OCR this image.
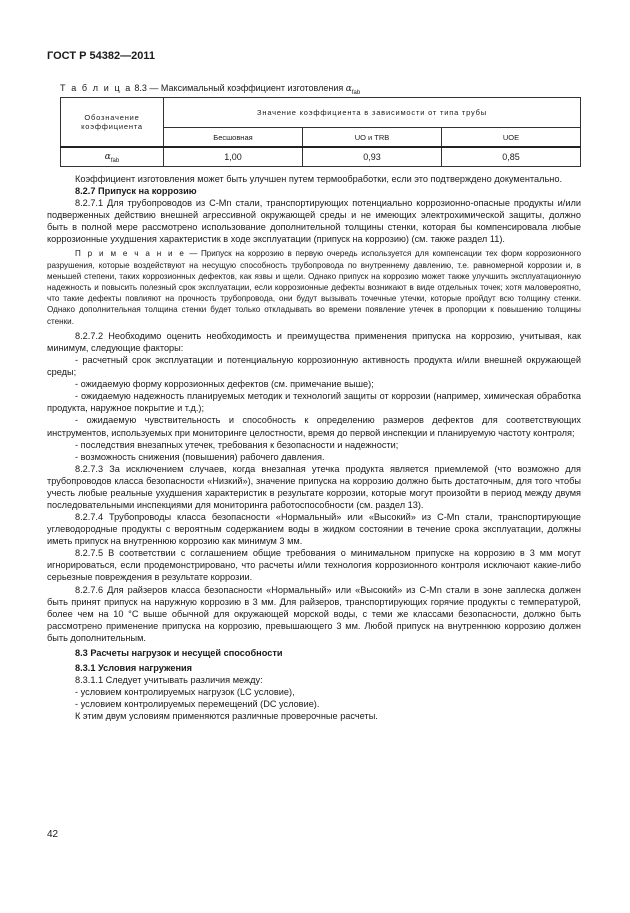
ГОСТ Р 54382—2011
Т а б л и ц а 8.3 — Максимальный коэффициент изготовления $\alpha_{fab}$
Обозначение коэффициента	Значение коэффициента в зависимости от типа трубы		
	Бесшовная	UO и TRB	UOE
$\alpha_{fab}$	1,00	0,93	0,85

Коэффициент изготовления может быть улучшен путем термообработки, если это подтверждено документально.

8.2.7 Припуск на коррозию

8.2.7.1 Для трубопроводов из C-Mn стали, транспортирующих потенциально коррозионно-опасные продукты и/или подверженных действию внешней агрессивной окружающей среды и не имеющих электрохимической защиты, должно быть в полной мере рассмотрено использование дополнительной толщины стенки, которая бы компенсировала любые коррозионные ухудшения характеристик в ходе эксплуатации (припуск на коррозию) (см. также раздел 11).

П р и м е ч а н и е — Припуск на коррозию в первую очередь используется для компенсации тех форм коррозионного разрушения, которые воздействуют на несущую способность трубопровода по внутреннему давлению, т.е. равномерной коррозии и, в меньшей степени, таких коррозионных дефектов, как язвы и щели. Однако припуск на коррозию может также улучшить эксплуатационную надежность и повысить полезный срок эксплуатации, если коррозионные дефекты возникают в виде отдельных точек; хотя маловероятно, что такие дефекты повлияют на прочность трубопровода, они будут вызывать точечные утечки, которые пройдут всю толщину стенки. Однако дополнительная толщина стенки будет только откладывать во времени появление утечек в пропорции к повышению толщины стенки.

8.2.7.2 Необходимо оценить необходимость и преимущества применения припуска на коррозию, учитывая, как минимум, следующие факторы:

- расчетный срок эксплуатации и потенциальную коррозионную активность продукта и/или внешней окружающей среды;

- ожидаемую форму коррозионных дефектов (см. примечание выше);

- ожидаемую надежность планируемых методик и технологий защиты от коррозии (например, химическая обработка продукта, наружное покрытие и т.д.);

- ожидаемую чувствительность и способность к определению размеров дефектов для соответствующих инструментов, используемых при мониторинге целостности, время до первой инспекции и планируемую частоту контроля;

- последствия внезапных утечек, требования к безопасности и надежности;

- возможность снижения (повышения) рабочего давления.

8.2.7.3 За исключением случаев, когда внезапная утечка продукта является приемлемой (что возможно для трубопроводов класса безопасности «Низкий»), значение припуска на коррозию должно быть достаточным, для того чтобы учесть любые реальные ухудшения характеристик в результате коррозии, которые могут произойти в период между двумя последовательными инспекциями для мониторинга работоспособности (см. раздел 13).

8.2.7.4 Трубопроводы класса безопасности «Нормальный» или «Высокий» из C-Mn стали, транспортирующие углеводородные продукты с вероятным содержанием воды в жидком состоянии в течение срока эксплуатации, должны иметь припуск на внутреннюю коррозию как минимум 3 мм.

8.2.7.5 В соответствии с соглашением общие требования о минимальном припуске на коррозию в 3 мм могут игнорироваться, если продемонстрировано, что расчеты и/или технология коррозионного контроля исключают какие-либо серьезные повреждения в результате коррозии.

8.2.7.6 Для райзеров класса безопасности «Нормальный» или «Высокий» из C-Mn стали в зоне заплеска должен быть принят припуск на наружную коррозию в 3 мм. Для райзеров, транспортирующих горячие продукты с температурой, более чем на 10 °С выше обычной для окружающей морской воды, с теми же классами безопасности, должно быть рассмотрено применение припуска на коррозию, превышающего 3 мм. Любой припуск на внутреннюю коррозию должен быть дополнительным.

8.3 Расчеты нагрузок и несущей способности

8.3.1 Условия нагружения

8.3.1.1 Следует учитывать различия между:

- условием контролируемых нагрузок (LC условие),

- условием контролируемых перемещений (DC условие).

К этим двум условиям применяются различные проверочные расчеты.

42
